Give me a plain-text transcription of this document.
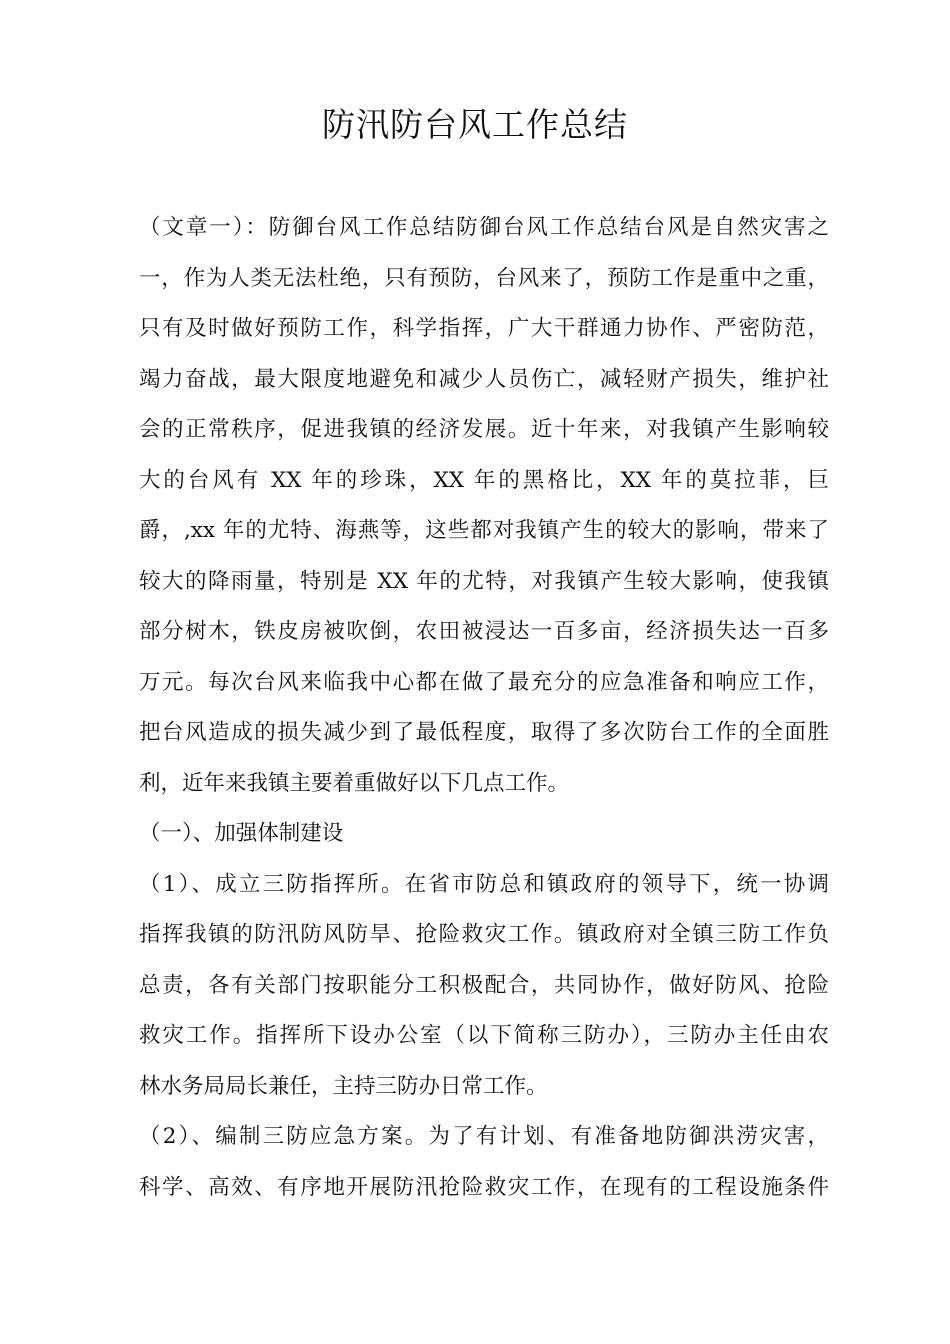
防汛防台风工作总结
（文章一）：防御台风工作总结防御台风工作总结台风是自然灾害之
一，作为人类无法杜绝，只有预防，台风来了，预防工作是重中之重，
只有及时做好预防工作，科学指挥，广大干群通力协作、严密防范，
竭力奋战，最大限度地避免和减少人员伤亡，减轻财产损失，维护社
会的正常秩序，促进我镇的经济发展。近十年来，对我镇产生影响较
大的台风有 XX 年的珍珠，XX 年的黑格比，XX 年的莫拉菲，巨
爵，,xx 年的尤特、海燕等，这些都对我镇产生的较大的影响，带来了
较大的降雨量，特别是 XX 年的尤特，对我镇产生较大影响，使我镇
部分树木，铁皮房被吹倒，农田被浸达一百多亩，经济损失达一百多
万元。每次台风来临我中心都在做了最充分的应急准备和响应工作，
把台风造成的损失减少到了最低程度，取得了多次防台工作的全面胜
利，近年来我镇主要着重做好以下几点工作。
（一）、加强体制建设
（1）、成立三防指挥所。在省市防总和镇政府的领导下，统一协调
指挥我镇的防汛防风防旱、抢险救灾工作。镇政府对全镇三防工作负
总责，各有关部门按职能分工积极配合，共同协作，做好防风、抢险
救灾工作。指挥所下设办公室（以下简称三防办），三防办主任由农
林水务局局长兼任，主持三防办日常工作。
（2）、编制三防应急方案。为了有计划、有准备地防御洪涝灾害，
科学、高效、有序地开展防汛抢险救灾工作，在现有的工程设施条件
